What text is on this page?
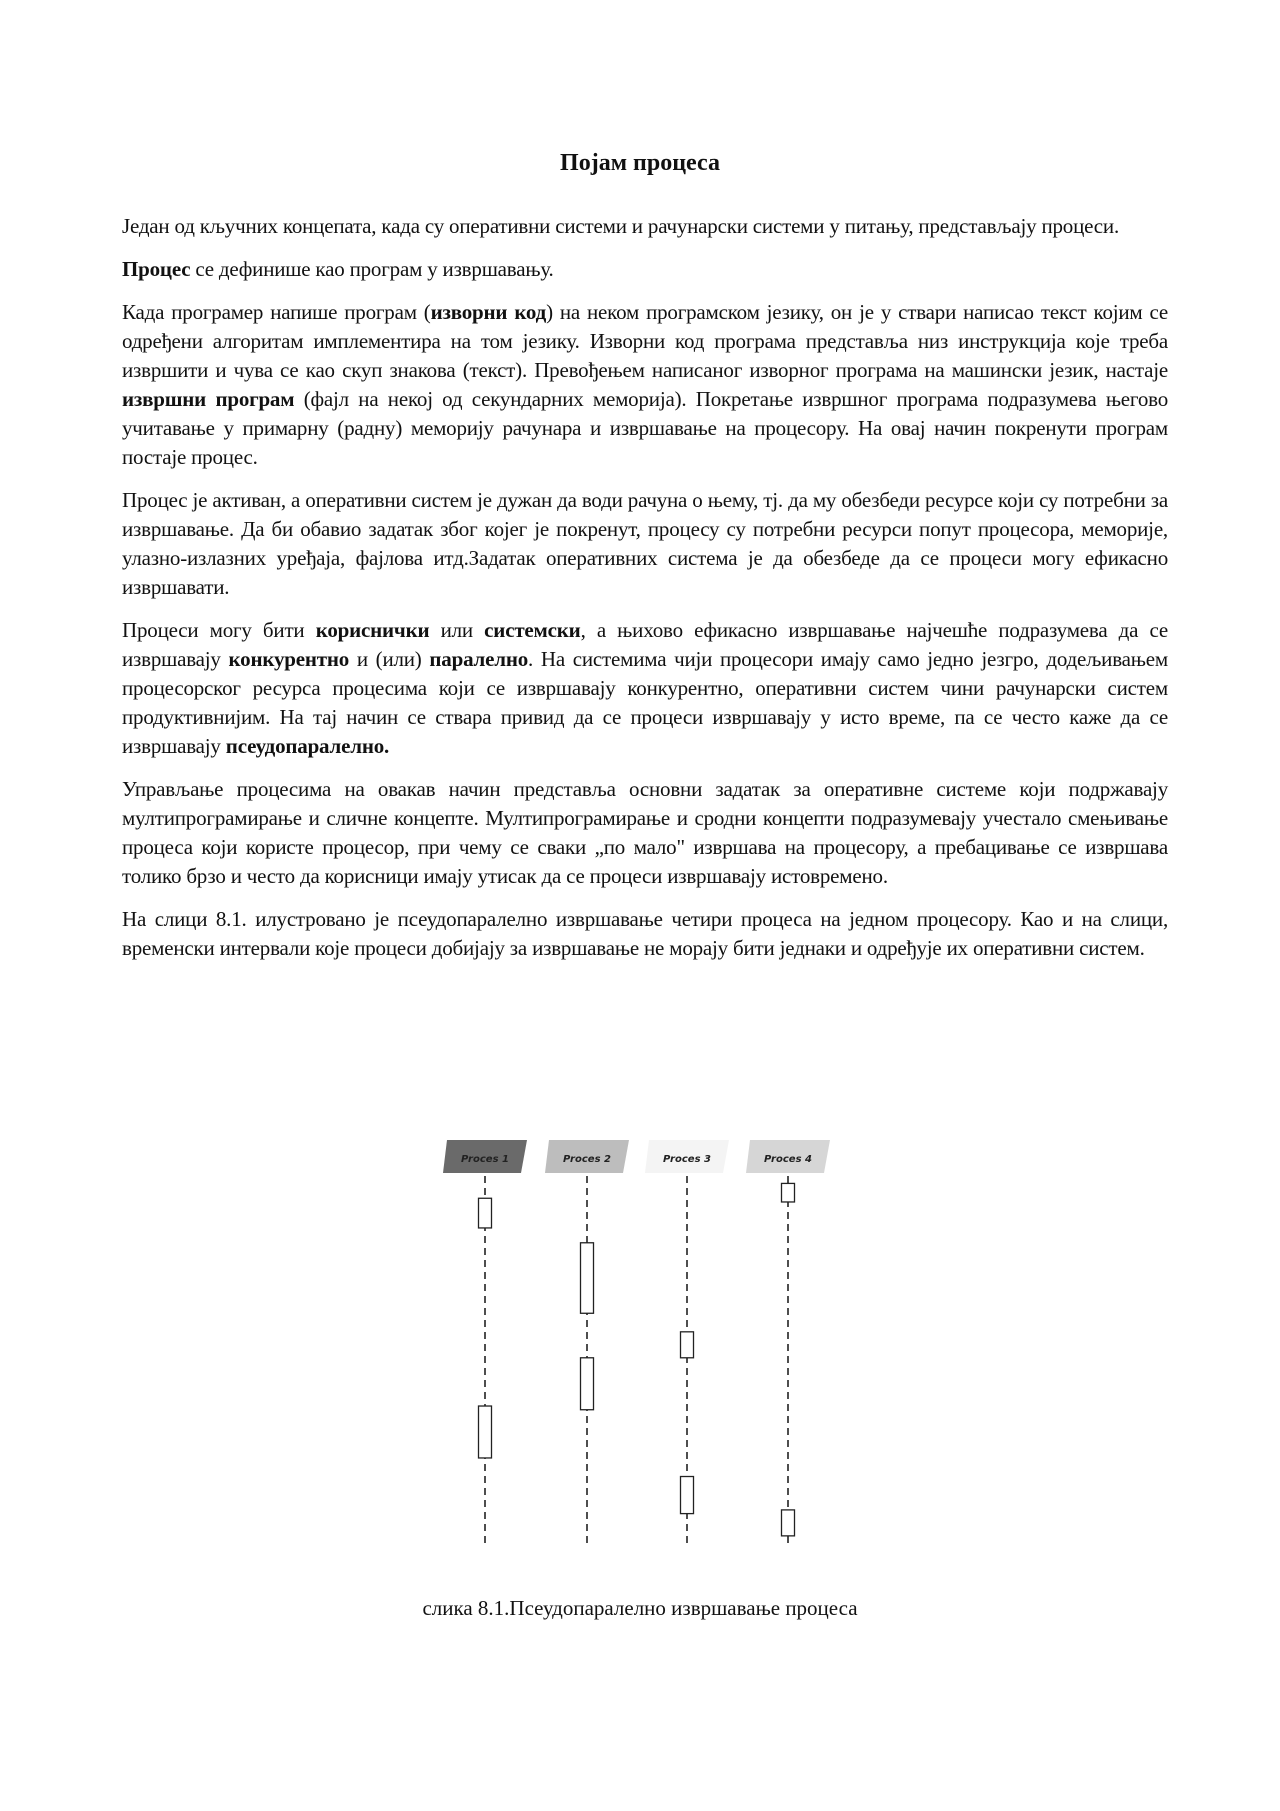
Појам процеса

Један од кључних концепата, када су оперативни системи и рачунарски системи у питању, представљају процеси.

Процес се дефинише као програм у извршавању.

Када програмер напише програм (изворни код) на неком програмском језику, он је у ствари написао текст којим се одређени алгоритам имплементира на том језику. Изворни код програма представља низ инструкција које треба извршити и чува се као скуп знакова (текст). Превођењем написаног изворног програма на машински језик, настаје извршни програм (фајл на некој од секундарних меморија). Покретање извршног програма подразумева његово учитавање у примарну (радну) меморију рачунара и извршавање на процесору. На овај начин покренути програм постаје процес.

Процес је активан, а оперативни систем је дужан да води рачуна о њему, тј. да му обезбеди ресурсе који су потребни за извршавање. Да би обавио задатак због којег је покренут, процесу су потребни ресурси попут процесора, меморије, улазно-излазних уређаја, фајлова итд.Задатак оперативних система је да обезбеде да се процеси могу ефикасно извршавати.

Процеси могу бити кориснички или системски, а њихово ефикасно извршавање најчешће подразумева да се извршавају конкурентно и (или) паралелно. На системима чији процесори имају само једно језгро, додељивањем процесорског ресурса процесима који се извршавају конкурентно, оперативни систем чини рачунарски систем продуктивнијим. На тај начин се ствара привид да се процеси извршавају у исто време, па се често каже да се извршавају псеудопаралелно.

Управљање процесима на овакав начин представља основни задатак за оперативне системе који подржавају мултипрограмирање и сличне концепте. Мултипрограмирање и сродни концепти подразумевају учестало смењивање процеса који користе процесор, при чему се сваки „по мало" извршава на процесору, а пребацивање се извршава толико брзо и често да корисници имају утисак да се процеси извршавају истовремено.

На слици 8.1. илустровано је псеудопаралелно извршавање четири процеса на једном процесору. Као и на слици, временски интервали које процеси добијају за извршавање не морају бити једнаки и одређује их оперативни систем.

Proces 1	Proces 2	Proces 3	Proces 4
слика 8.1.Псеудопаралелно извршавање процеса
